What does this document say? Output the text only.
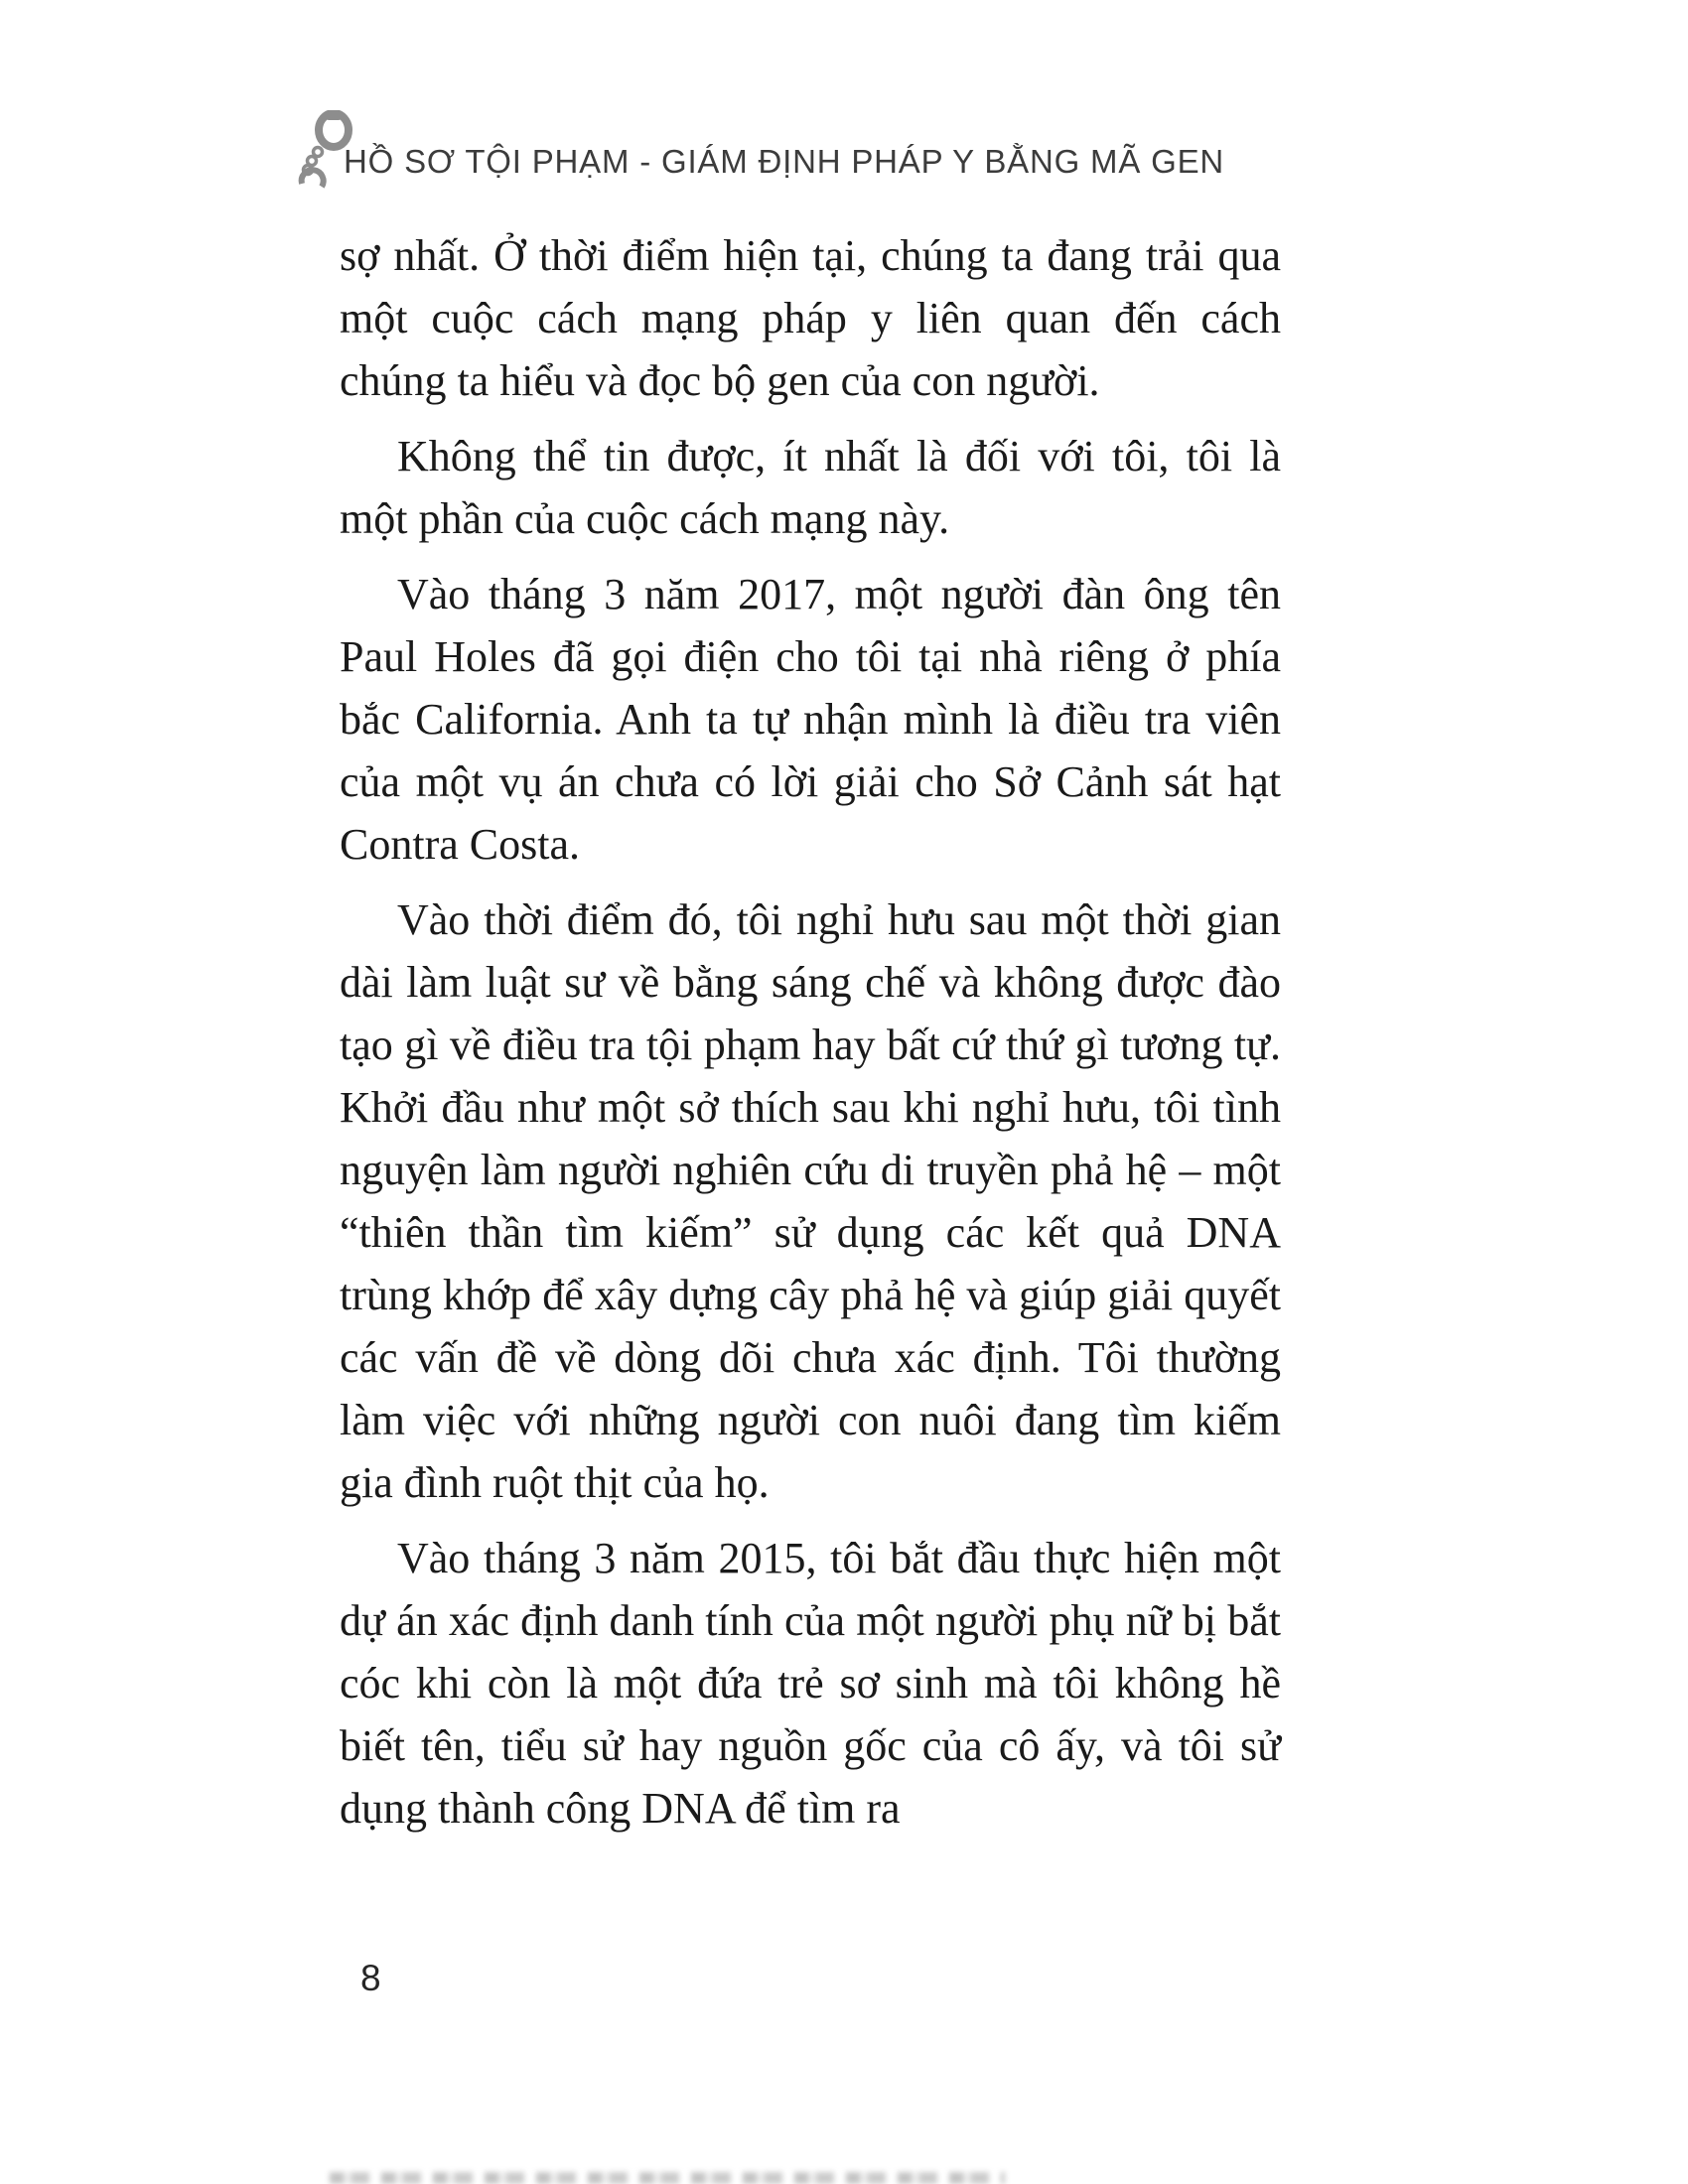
HỒ SƠ TỘI PHẠM - GIÁM ĐỊNH PHÁP Y BẰNG MÃ GEN

sợ nhất. Ở thời điểm hiện tại, chúng ta đang trải qua một cuộc cách mạng pháp y liên quan đến cách chúng ta hiểu và đọc bộ gen của con người.

Không thể tin được, ít nhất là đối với tôi, tôi là một phần của cuộc cách mạng này.

Vào tháng 3 năm 2017, một người đàn ông tên Paul Holes đã gọi điện cho tôi tại nhà riêng ở phía bắc California. Anh ta tự nhận mình là điều tra viên của một vụ án chưa có lời giải cho Sở Cảnh sát hạt Contra Costa.

Vào thời điểm đó, tôi nghỉ hưu sau một thời gian dài làm luật sư về bằng sáng chế và không được đào tạo gì về điều tra tội phạm hay bất cứ thứ gì tương tự. Khởi đầu như một sở thích sau khi nghỉ hưu, tôi tình nguyện làm người nghiên cứu di truyền phả hệ – một “thiên thần tìm kiếm” sử dụng các kết quả DNA trùng khớp để xây dựng cây phả hệ và giúp giải quyết các vấn đề về dòng dõi chưa xác định. Tôi thường làm việc với những người con nuôi đang tìm kiếm gia đình ruột thịt của họ.

Vào tháng 3 năm 2015, tôi bắt đầu thực hiện một dự án xác định danh tính của một người phụ nữ bị bắt cóc khi còn là một đứa trẻ sơ sinh mà tôi không hề biết tên, tiểu sử hay nguồn gốc của cô ấy, và tôi sử dụng thành công DNA để tìm ra

8
